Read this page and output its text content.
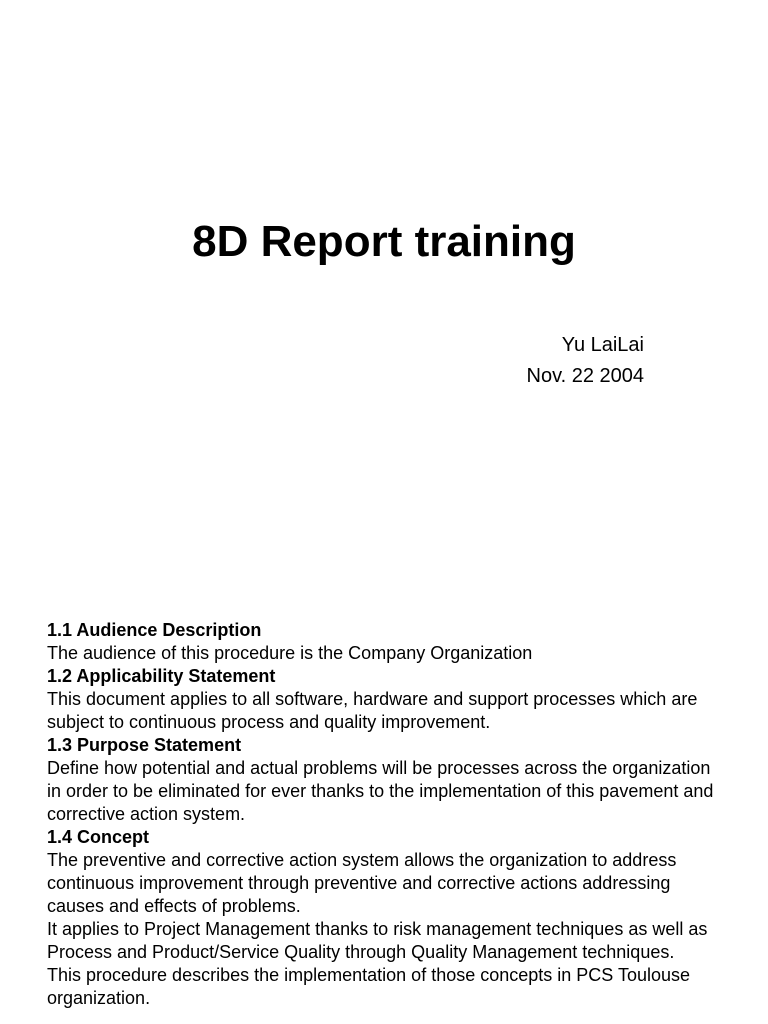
8D Report training
Yu LaiLai
Nov. 22 2004

1.1 Audience Description

The audience of this procedure is the Company Organization

1.2 Applicability Statement

This document applies to all software, hardware and support processes which are subject to continuous process and quality improvement.

1.3 Purpose Statement

Define how potential and actual problems will be processes across the organization in order to be eliminated for ever thanks to the implementation of this pavement and corrective action system.

1.4 Concept

The preventive and corrective action system allows the organization to address continuous improvement through preventive and corrective actions addressing causes and effects of problems.

It applies to Project Management thanks to risk management techniques as well as Process and Product/Service Quality through Quality Management techniques.

This procedure describes the implementation of those concepts in PCS Toulouse organization.
